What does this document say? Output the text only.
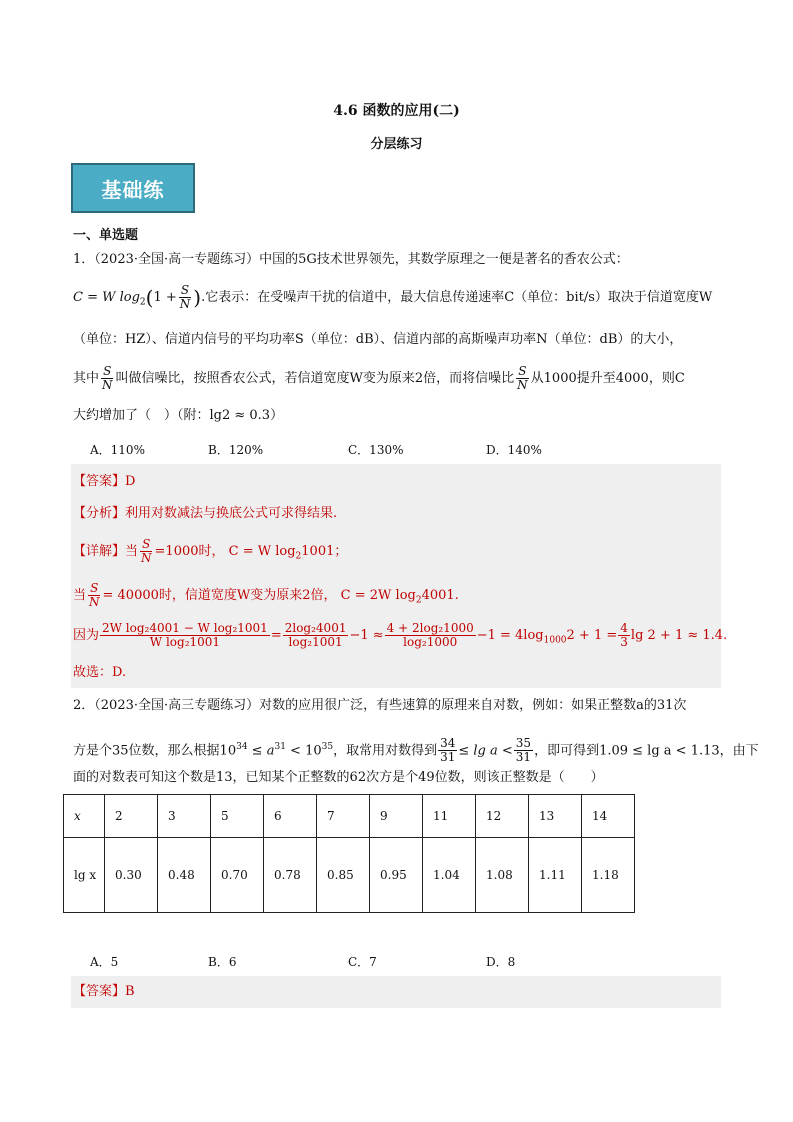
4.6 函数的应用(二)
分层练习
基础练
一、单选题
1．（2023·全国·高一专题练习）中国的5G技术世界领先，其数学原理之一便是著名的香农公式：
C = W $\log_2(1 + \frac{S}{N}$ ).它表示：在受噪声干扰的信道中，最大信息传递速率C（单位：bit/s）取决于信道宽度W
（单位：HZ）、信道内信号的平均功率S（单位：dB）、信道内部的高斯噪声功率N（单位：dB）的大小，
其中 $\frac{S}{N}$ 叫做信噪比，按照香农公式，若信道宽度W变为原来2倍，而将信噪比 $\frac{S}{N}$ 从1000提升至4000，则C
大约增加了（　）（附：lg2 ≈ 0.3）
A．110%	B．120%	C．130%	D．140%
【答案】D
【分析】利用对数减法与换底公式可求得结果.
【详解】当 $\frac{S}{N} =1000$时， C = W $\log_21001$；
当 $\frac{S}{N} = 40000$时，信道宽度W变为原来2倍， C = 2W $\log_24001$.
因为 $\frac{\text{2W log₂4001 − W log₂1001}}{\text{W log₂1001}} = \frac{\text{2log₂4001}}{\text{log₂1001}} -1 \approx \frac{\text{4 + 2log₂1000}}{\text{log₂1000}} -1 = 4\log_{1000}2 + 1 = \frac{4}{3}$ lg 2 + 1 ≈ 1.4.
故选：D.
2．（2023·全国·高三专题练习）对数的应用很广泛，有些速算的原理来自对数，例如：如果正整数a的31次
方是个35位数，那么根据$10^{34} \le a^{31} < 10^{35}$，取常用对数得到 $\frac{34}{31} \le \lg a < \frac{35}{31}$ ，即可得到1.09 ≤ lg a < 1.13，由下
面的对数表可知这个数是13，已知某个正整数的62次方是个49位数，则该正整数是（　　）
x	2	3	5	6	7	9	11	12	13	14
lg x	0.30	0.48	0.70	0.78	0.85	0.95	1.04	1.08	1.11	1.18
A．5	B．6	C．7	D．8
【答案】B
